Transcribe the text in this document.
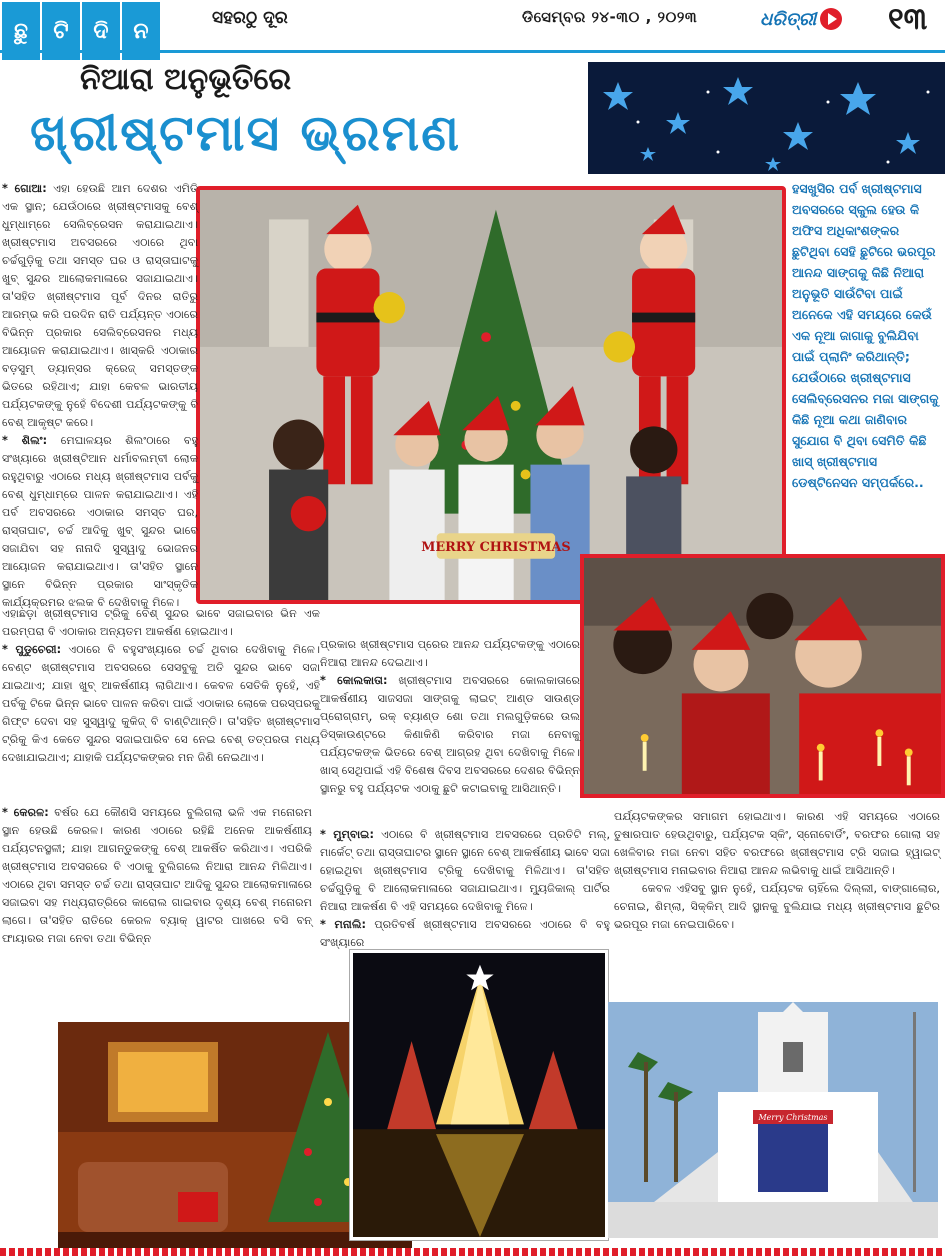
ଛୁ	ଟି	ଦି	ନ
ସହରଠୁ ଦୂର	ଡିସେମ୍ବର ୨୪-୩୦ , ୨୦୨୩	ଧରିତ୍ରୀ ୧୩
ନିଆରା ଅନୁଭୂତିରେ
ଖ୍ରୀଷ୍ଟମାସ ଭ୍ରମଣ
MERRY CHRISTMAS
ହସଖୁସିର ପର୍ବ ଖ୍ରୀଷ୍ଟମାସ ଅବସରରେ ସ୍କୁଲ ହେଉ କି ଅଫିସ ଅଧିକାଂଶଙ୍କର ଛୁଟିଥିବା ସେହି ଛୁଟିରେ ଭରପୂର ଆନନ୍ଦ ସାଙ୍ଗକୁ କିଛି ନିଆରା ଅନୁଭୂତି ସାଉଁଟିବା ପାଇଁ ଅନେକେ ଏହି ସମୟରେ କେଉଁ ଏକ ନୂଆ ଜାଗାକୁ ବୁଲିଯିବା ପାଇଁ ପ୍ଲାନିଂ କରିଥାନ୍ତି; ଯେଉଁଠାରେ ଖ୍ରୀଷ୍ଟମାସ ସେଲିବ୍ରେସନର ମଜା ସାଙ୍ଗକୁ କିଛି ନୂଆ କଥା ଜାଣିବାର ସୁଯୋଗ ବି ଥିବା ସେମିତି କିଛି ଖାସ୍ ଖ୍ରୀଷ୍ଟମାସ ଡେଷ୍ଟିନେସନ ସମ୍ପର୍କରେ..

* ଗୋଆ: ଏହା ହେଉଛି ଆମ ଦେଶର ଏମିତି ଏକ ସ୍ଥାନ; ଯେଉଁଠାରେ ଖ୍ରୀଷ୍ଟମାସକୁ ବେଶ୍ ଧୁମ୍‌ଧାମ୍‌ରେ ସେଲିବ୍ରେସନ କରାଯାଇଥାଏ। ଖ୍ରୀଷ୍ଟମାସ ଅବସରରେ ଏଠାରେ ଥିବା ଚର୍ଚ୍ଚଗୁଡ଼ିକୁ ତଥା ସମସ୍ତ ଘର ଓ ରାସ୍ତାଘାଟକୁ ଖୁବ୍ ସୁନ୍ଦର ଆଲୋକମାଳାରେ ସଜାଯାଇଥାଏ। ତା'ସହିତ ଖ୍ରୀଷ୍ଟମାସ ପୂର୍ବ ଦିନର ରାତିରୁ ଆରମ୍ଭ କରି ପରଦିନ ରାତି ପର୍ଯ୍ୟନ୍ତ ଏଠାରେ ବିଭିନ୍ନ ପ୍ରକାର ସେଲିବ୍ରେସନର ମଧ୍ୟ ଆୟୋଜନ କରାଯାଇଥାଏ। ଖାସ୍‌କରି ଏଠାକାର ବଡ଼ସୁମ୍ ଡ୍ୟାନ୍ସର କ୍ରେଜ୍ ସମସ୍ତଙ୍କ ଭିତରେ ରହିଥାଏ; ଯାହା କେବଳ ଭାରତୀୟ ପର୍ଯ୍ୟଟକଙ୍କୁ ନୁହେଁ ବିଦେଶୀ ପର୍ଯ୍ୟଟକଙ୍କୁ ବି ବେଶ୍ ଆକୃଷ୍ଟ କରେ।

* ଶିଲଂ: ମେଘାଳୟର ଶିଲଂଠାରେ ବହୁ ସଂଖ୍ୟାରେ ଖ୍ରୀଷ୍ଟିଆନ ଧର୍ମାବଲମ୍ବୀ ଲୋକ ରହୁଥିବାରୁ ଏଠାରେ ମଧ୍ୟ ଖ୍ରୀଷ୍ଟମାସ ପର୍ବକୁ ବେଶ୍ ଧୁମ୍‌ଧାମ୍‌ରେ ପାଳନ କରାଯାଇଥାଏ। ଏହି ପର୍ବ ଅବସରରେ ଏଠାକାର ସମସ୍ତ ଘର, ରାସ୍ତାଘାଟ, ଚର୍ଚ୍ଚ ଆଦିକୁ ଖୁବ୍ ସୁନ୍ଦର ଭାବେ ସଜାଯିବା ସହ ନାନାଦି ସୁସ୍ୱାଦୁ ଭୋଜନର ଆୟୋଜନ କରାଯାଇଥାଏ। ତା'ସହିତ ସ୍ଥାନେ ସ୍ଥାନେ ବିଭିନ୍ନ ପ୍ରକାର ସାଂସ୍କୃତିକ କାର୍ଯ୍ୟକ୍ରମର ଝଲକ ବି ଦେଖିବାକୁ ମିଳେ।

ଏହାଛଡ଼ା ଖ୍ରୀଷ୍ଟମାସ ଟ୍ରିକୁ ବେଶ୍ ସୁନ୍ଦର ଭାବେ ସଜାଇବାର ଭିନ ଏକ ପରମ୍ପରା ବି ଏଠାକାର ଅନ୍ୟତମ ଆକର୍ଷଣ ହୋଇଥାଏ।

* ପୁଡୁଚେରୀ: ଏଠାରେ ବି ବହୁସଂଖ୍ୟାରେ ଚର୍ଚ୍ଚ ଥିବାର ଦେଖିବାକୁ ମିଳେ। ବେଣ୍ଟ ଖ୍ରୀଷ୍ଟମାସ ଅବସରରେ ସେସବୁକୁ ଅତି ସୁନ୍ଦର ଭାବେ ସଜା ଯାଇଥାଏ; ଯାହା ଖୁବ୍ ଆକର୍ଷଣୀୟ ଲାଗିଥାଏ। କେବଳ ସେତିକି ନୁହେଁ, ଏହି ପର୍ବକୁ ଟିକେ ଭିନ୍ନ ଭାବେ ପାଳନ କରିବା ପାଇଁ ଏଠାକାର ଲୋକେ ପରସ୍ପରକୁ ଗିଫ୍ଟ ଦେବା ସହ ସୁସ୍ୱାଦୁ କୁକିଜ୍ ବି ବାଣ୍ଟିଥାନ୍ତି। ତା'ସହିତ ଖ୍ରୀଷ୍ଟମାସ ଟ୍ରିକୁ କିଏ କେତେ ସୁନ୍ଦର ସଜାଇପାରିବ ସେ ନେଇ ବେଶ୍ ତତ୍ପରତା ମଧ୍ୟ ଦେଖାଯାଇଥାଏ; ଯାହାକି ପର୍ଯ୍ୟଟକଙ୍କର ମନ ଜିଣି ନେଇଥାଏ।

ପ୍ରକାର ଖ୍ରୀଷ୍ଟମାସ ପ୍ରେର ଆନନ୍ଦ ପର୍ଯ୍ୟଟକଙ୍କୁ ଏଠାରେ ନିଆରା ଆନନ୍ଦ ଦେଇଥାଏ।

* କୋଲକାତା: ଖ୍ରୀଷ୍ଟମାସ ଅବସରରେ କୋଲକାତାରେ ଆକର୍ଷଣୀୟ ସାଜସଜା ସାଙ୍ଗକୁ ଲାଇଟ୍ ଆଣ୍ଡ ସାଉଣ୍ଡ ପ୍ରୋଗ୍ରାମ୍, ରକ୍ ବ୍ୟାଣ୍ଡ ଶୋ ତଥା ମଲଗୁଡ଼ିକରେ ଉଲ ଡିସ୍କାଉଣ୍ଟରେ କିଣାକିଣି କରିବାର ମଜା ନେବାକୁ ପର୍ଯ୍ୟଟକଙ୍କ ଭିତରେ ବେଶ୍ ଆଗ୍ରହ ଥିବା ଦେଖିବାକୁ ମିଳେ। ଖାସ୍ ସେଥିପାଇଁ ଏହି ବିଶେଷ ଦିବସ ଅବସରରେ ଦେଶର ବିଭିନ୍ନ ସ୍ଥାନରୁ ବହୁ ପର୍ଯ୍ୟଟକ ଏଠାକୁ ଛୁଟି କଟାଇବାକୁ ଆସିଥାନ୍ତି।

* କେରଳ: ବର୍ଷର ଯେ କୌଣସି ସମୟରେ ବୁଲିଗଲା ଭଳି ଏକ ମନୋରମ ସ୍ଥାନ ହେଉଛି କେରଳ। କାରଣ ଏଠାରେ ରହିଛି ଅନେକ ଆକର୍ଷଣୀୟ ପର୍ଯ୍ୟଟନସ୍ଥଳୀ; ଯାହା ଆଗନ୍ତୁକଙ୍କୁ ବେଶ୍ ଆକର୍ଷିତ କରିଥାଏ। ଏପରିକି ଖ୍ରୀଷ୍ଟମାସ ଅବସରରେ ବି ଏଠାକୁ ବୁଲିଗଲେ ନିଆରା ଆନନ୍ଦ ମିଳିଥାଏ। ଏଠାରେ ଥିବା ସମସ୍ତ ଚର୍ଚ୍ଚ ତଥା ରାସ୍ତାଘାଟ ଆଦିକୁ ସୁନ୍ଦର ଆଲୋକମାଳାରେ ସଜାଇବା ସହ ମଧ୍ୟରାତ୍ରିରେ କାରୋଲ ଗାଇବାର ଦୃଶ୍ୟ ବେଶ୍ ମନୋରମ ଲାଗେ। ତା'ସହିତ ରାତିରେ କେରଳ ବ୍ୟାକ୍ ୱାଟର ପାଖରେ ବସି ବନ୍ ଫାୟାରର ମଜା ନେବା ତଥା ବିଭିନ୍ନ

* ମୁମ୍ବାଇ: ଏଠାରେ ବି ଖ୍ରୀଷ୍ଟମାସ ଅବସରରେ ପ୍ରତିଟି ମଲ୍, ମାର୍କେଟ୍ ତଥା ରାସ୍ତାଘାଟର ସ୍ଥାନେ ସ୍ଥାନେ ବେଶ୍ ଆକର୍ଷଣୀୟ ଭାବେ ସଜା ହୋଇଥିବା ଖ୍ରୀଷ୍ଟମାସ ଟ୍ରିକୁ ଦେଖିବାକୁ ମିଳିଥାଏ। ତା'ସହିତ ଚର୍ଚ୍ଚଗୁଡ଼ିକୁ ବି ଆଲୋକମାଳାରେ ସଜାଯାଇଥାଏ। ମ୍ୟୁଜିକାଲ୍ ପାର୍ଟିର ନିଆରା ଆକର୍ଷଣ ବି ଏହି ସମୟରେ ଦେଖିବାକୁ ମିଳେ।

* ମନାଲି: ପ୍ରତିବର୍ଷ ଖ୍ରୀଷ୍ଟମାସ ଅବସରରେ ଏଠାରେ ବି ବହୁ ସଂଖ୍ୟାରେ

ପର୍ଯ୍ୟଟକଙ୍କର ସମାଗମ ହୋଇଥାଏ। କାରଣ ଏହି ସମୟରେ ଏଠାରେ ତୁଷାରପାତ ହେଉଥିବାରୁ, ପର୍ଯ୍ୟଟକ ସ୍କିଂ, ସ୍ନୋବୋର୍ଡିଂ, ବରଫର ଗୋଲା ସହ ଖେଳିବାର ମଜା ନେବା ସହିତ ବରଫରେ ଖ୍ରୀଷ୍ଟମାସ ଟ୍ରି ସଜାଇ ହ୍ୱାଇଟ୍ ଖ୍ରୀଷ୍ଟମାସ ମନାଇବାର ନିଆରା ଆନନ୍ଦ ଲଭିବାକୁ ଧାଇଁ ଆସିଥାନ୍ତି।

କେବଳ ଏହିସବୁ ସ୍ଥାନ ନୁହେଁ, ପର୍ଯ୍ୟଟକ ଚାହିଁଲେ ଦିଲ୍ଲୀ, ବାଙ୍ଗାଲୋର, ଚେନାଇ, ଶିମ୍ଲା, ସିକ୍କିମ୍ ଆଦି ସ୍ଥାନକୁ ବୁଲିଯାଇ ମଧ୍ୟ ଖ୍ରୀଷ୍ଟମାସ ଛୁଟିର ଭରପୂର ମଜା ନେଇପାରିବେ।

Merry Christmas
